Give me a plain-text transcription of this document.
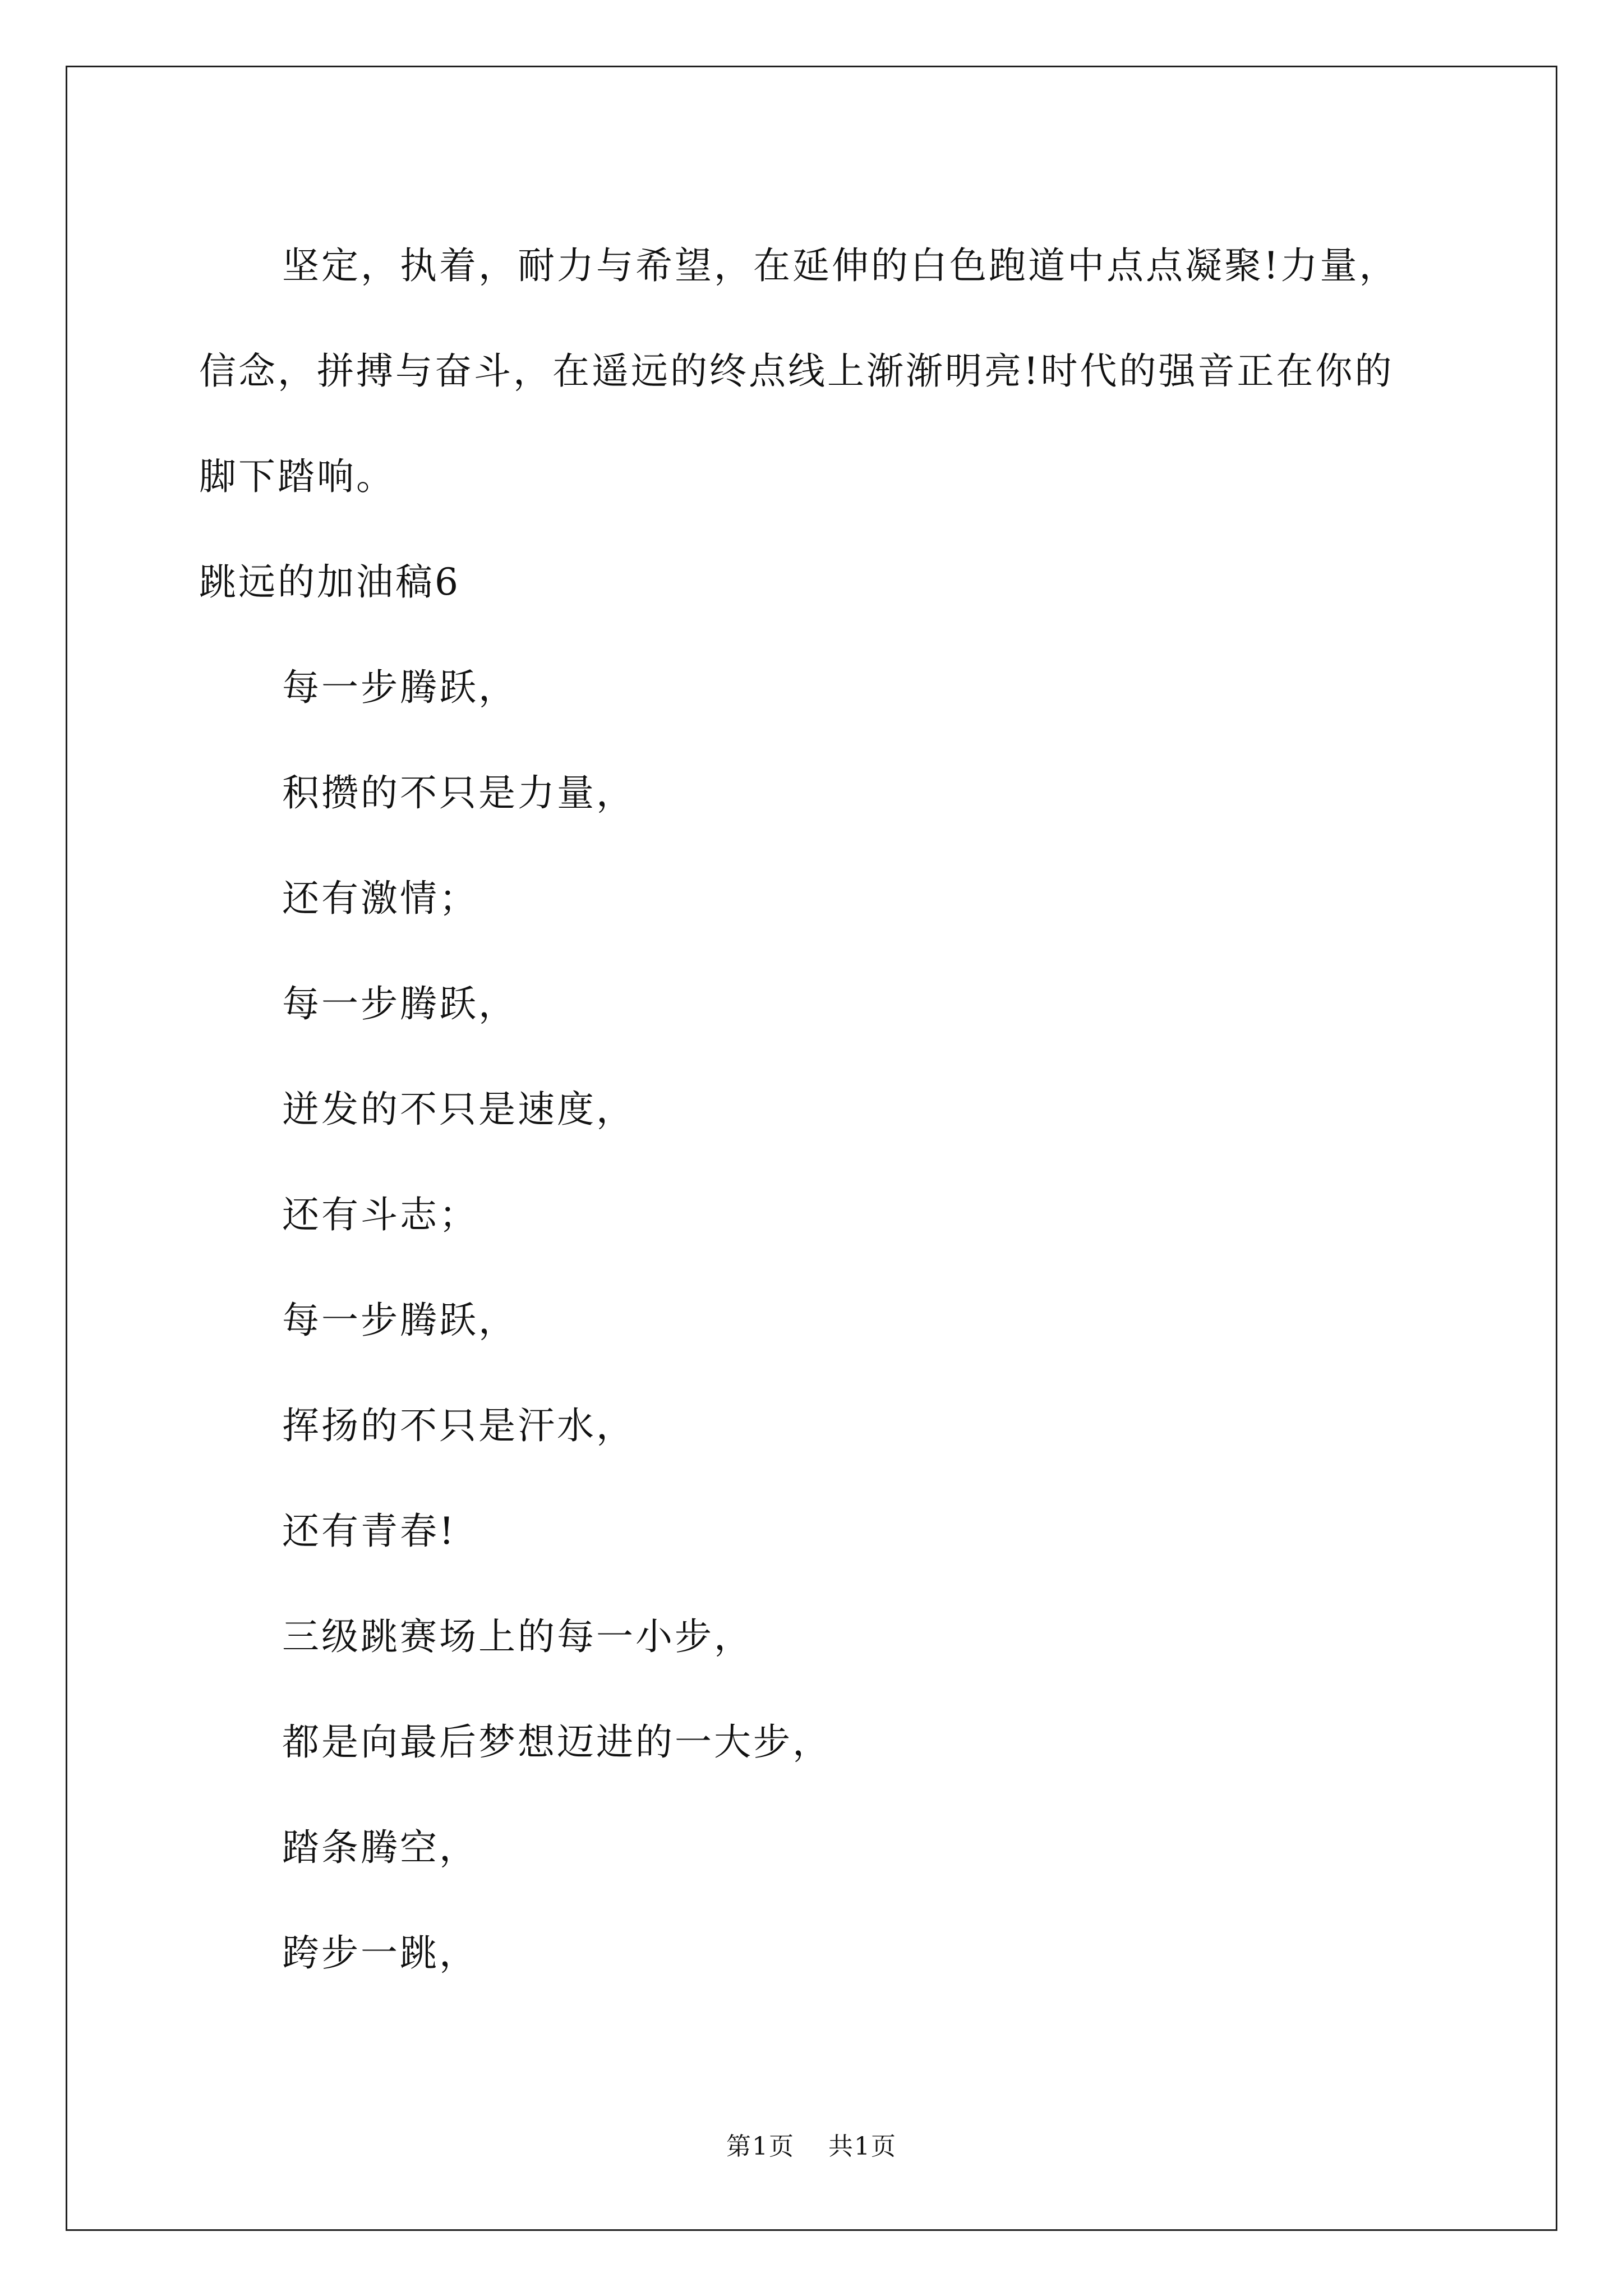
坚定，执着，耐力与希望，在延伸的白色跑道中点点凝聚!力量，

信念，拼搏与奋斗，在遥远的终点线上渐渐明亮!时代的强音正在你的

脚下踏响。

跳远的加油稿6

每一步腾跃，

积攒的不只是力量，

还有激情；

每一步腾跃，

迸发的不只是速度，

还有斗志；

每一步腾跃，

挥扬的不只是汗水，

还有青春!

三级跳赛场上的每一小步，

都是向最后梦想迈进的一大步，

踏条腾空，

跨步一跳，

第1页 共1页
